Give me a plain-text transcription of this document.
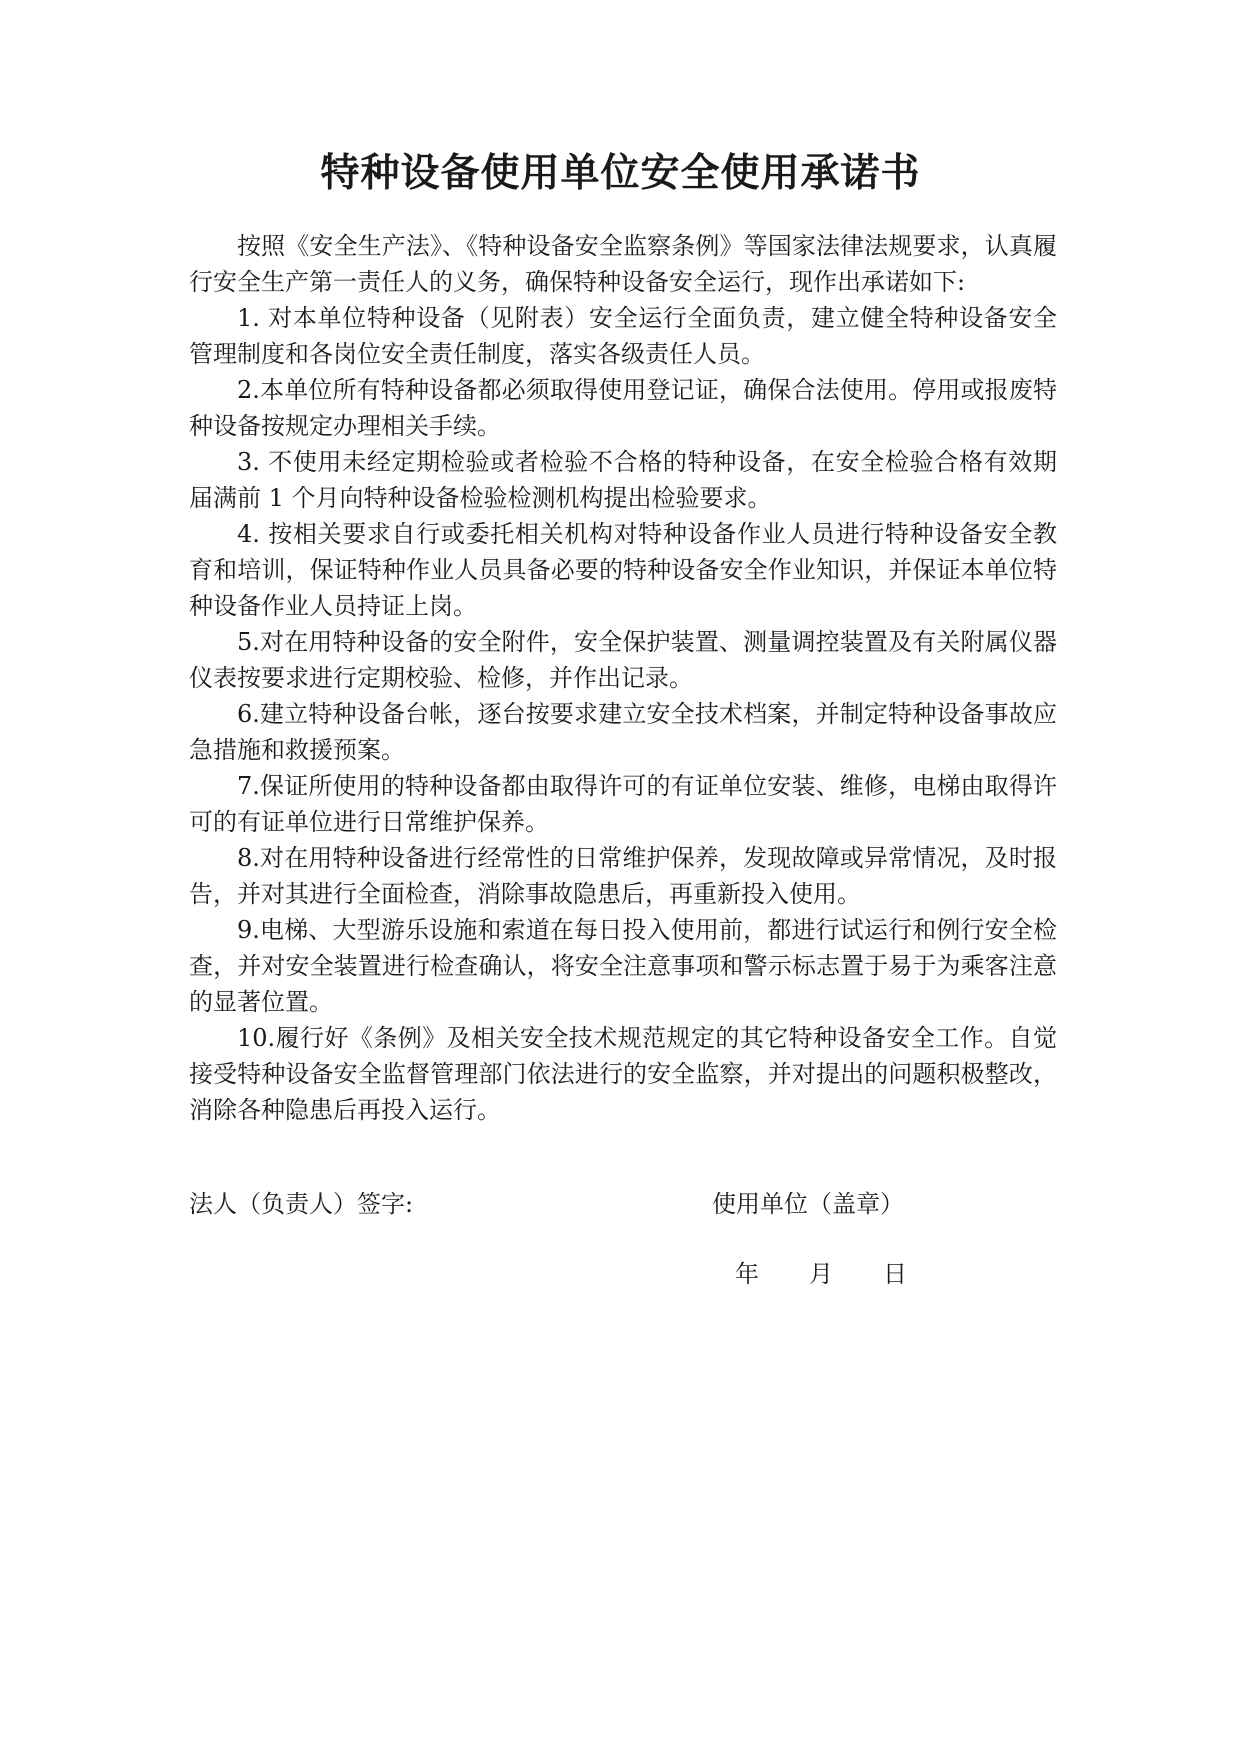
特种设备使用单位安全使用承诺书

按照《安全生产法》、《特种设备安全监察条例》等国家法律法规要求，认真履行安全生产第一责任人的义务，确保特种设备安全运行，现作出承诺如下:

1. 对本单位特种设备（见附表）安全运行全面负责，建立健全特种设备安全管理制度和各岗位安全责任制度，落实各级责任人员。

2.本单位所有特种设备都必须取得使用登记证，确保合法使用。停用或报废特种设备按规定办理相关手续。

3. 不使用未经定期检验或者检验不合格的特种设备，在安全检验合格有效期届满前 1 个月向特种设备检验检测机构提出检验要求。

4. 按相关要求自行或委托相关机构对特种设备作业人员进行特种设备安全教育和培训，保证特种作业人员具备必要的特种设备安全作业知识，并保证本单位特种设备作业人员持证上岗。

5.对在用特种设备的安全附件，安全保护装置、测量调控装置及有关附属仪器仪表按要求进行定期校验、检修，并作出记录。

6.建立特种设备台帐，逐台按要求建立安全技术档案，并制定特种设备事故应急措施和救援预案。

7.保证所使用的特种设备都由取得许可的有证单位安装、维修，电梯由取得许可的有证单位进行日常维护保养。

8.对在用特种设备进行经常性的日常维护保养，发现故障或异常情况，及时报告，并对其进行全面检查，消除事故隐患后，再重新投入使用。

9.电梯、大型游乐设施和索道在每日投入使用前，都进行试运行和例行安全检查，并对安全装置进行检查确认，将安全注意事项和警示标志置于易于为乘客注意的显著位置。

10.履行好《条例》及相关安全技术规范规定的其它特种设备安全工作。自觉接受特种设备安全监督管理部门依法进行的安全监察，并对提出的问题积极整改，消除各种隐患后再投入运行。

法人（负责人）签字:	使用单位（盖章）
年 月 日
